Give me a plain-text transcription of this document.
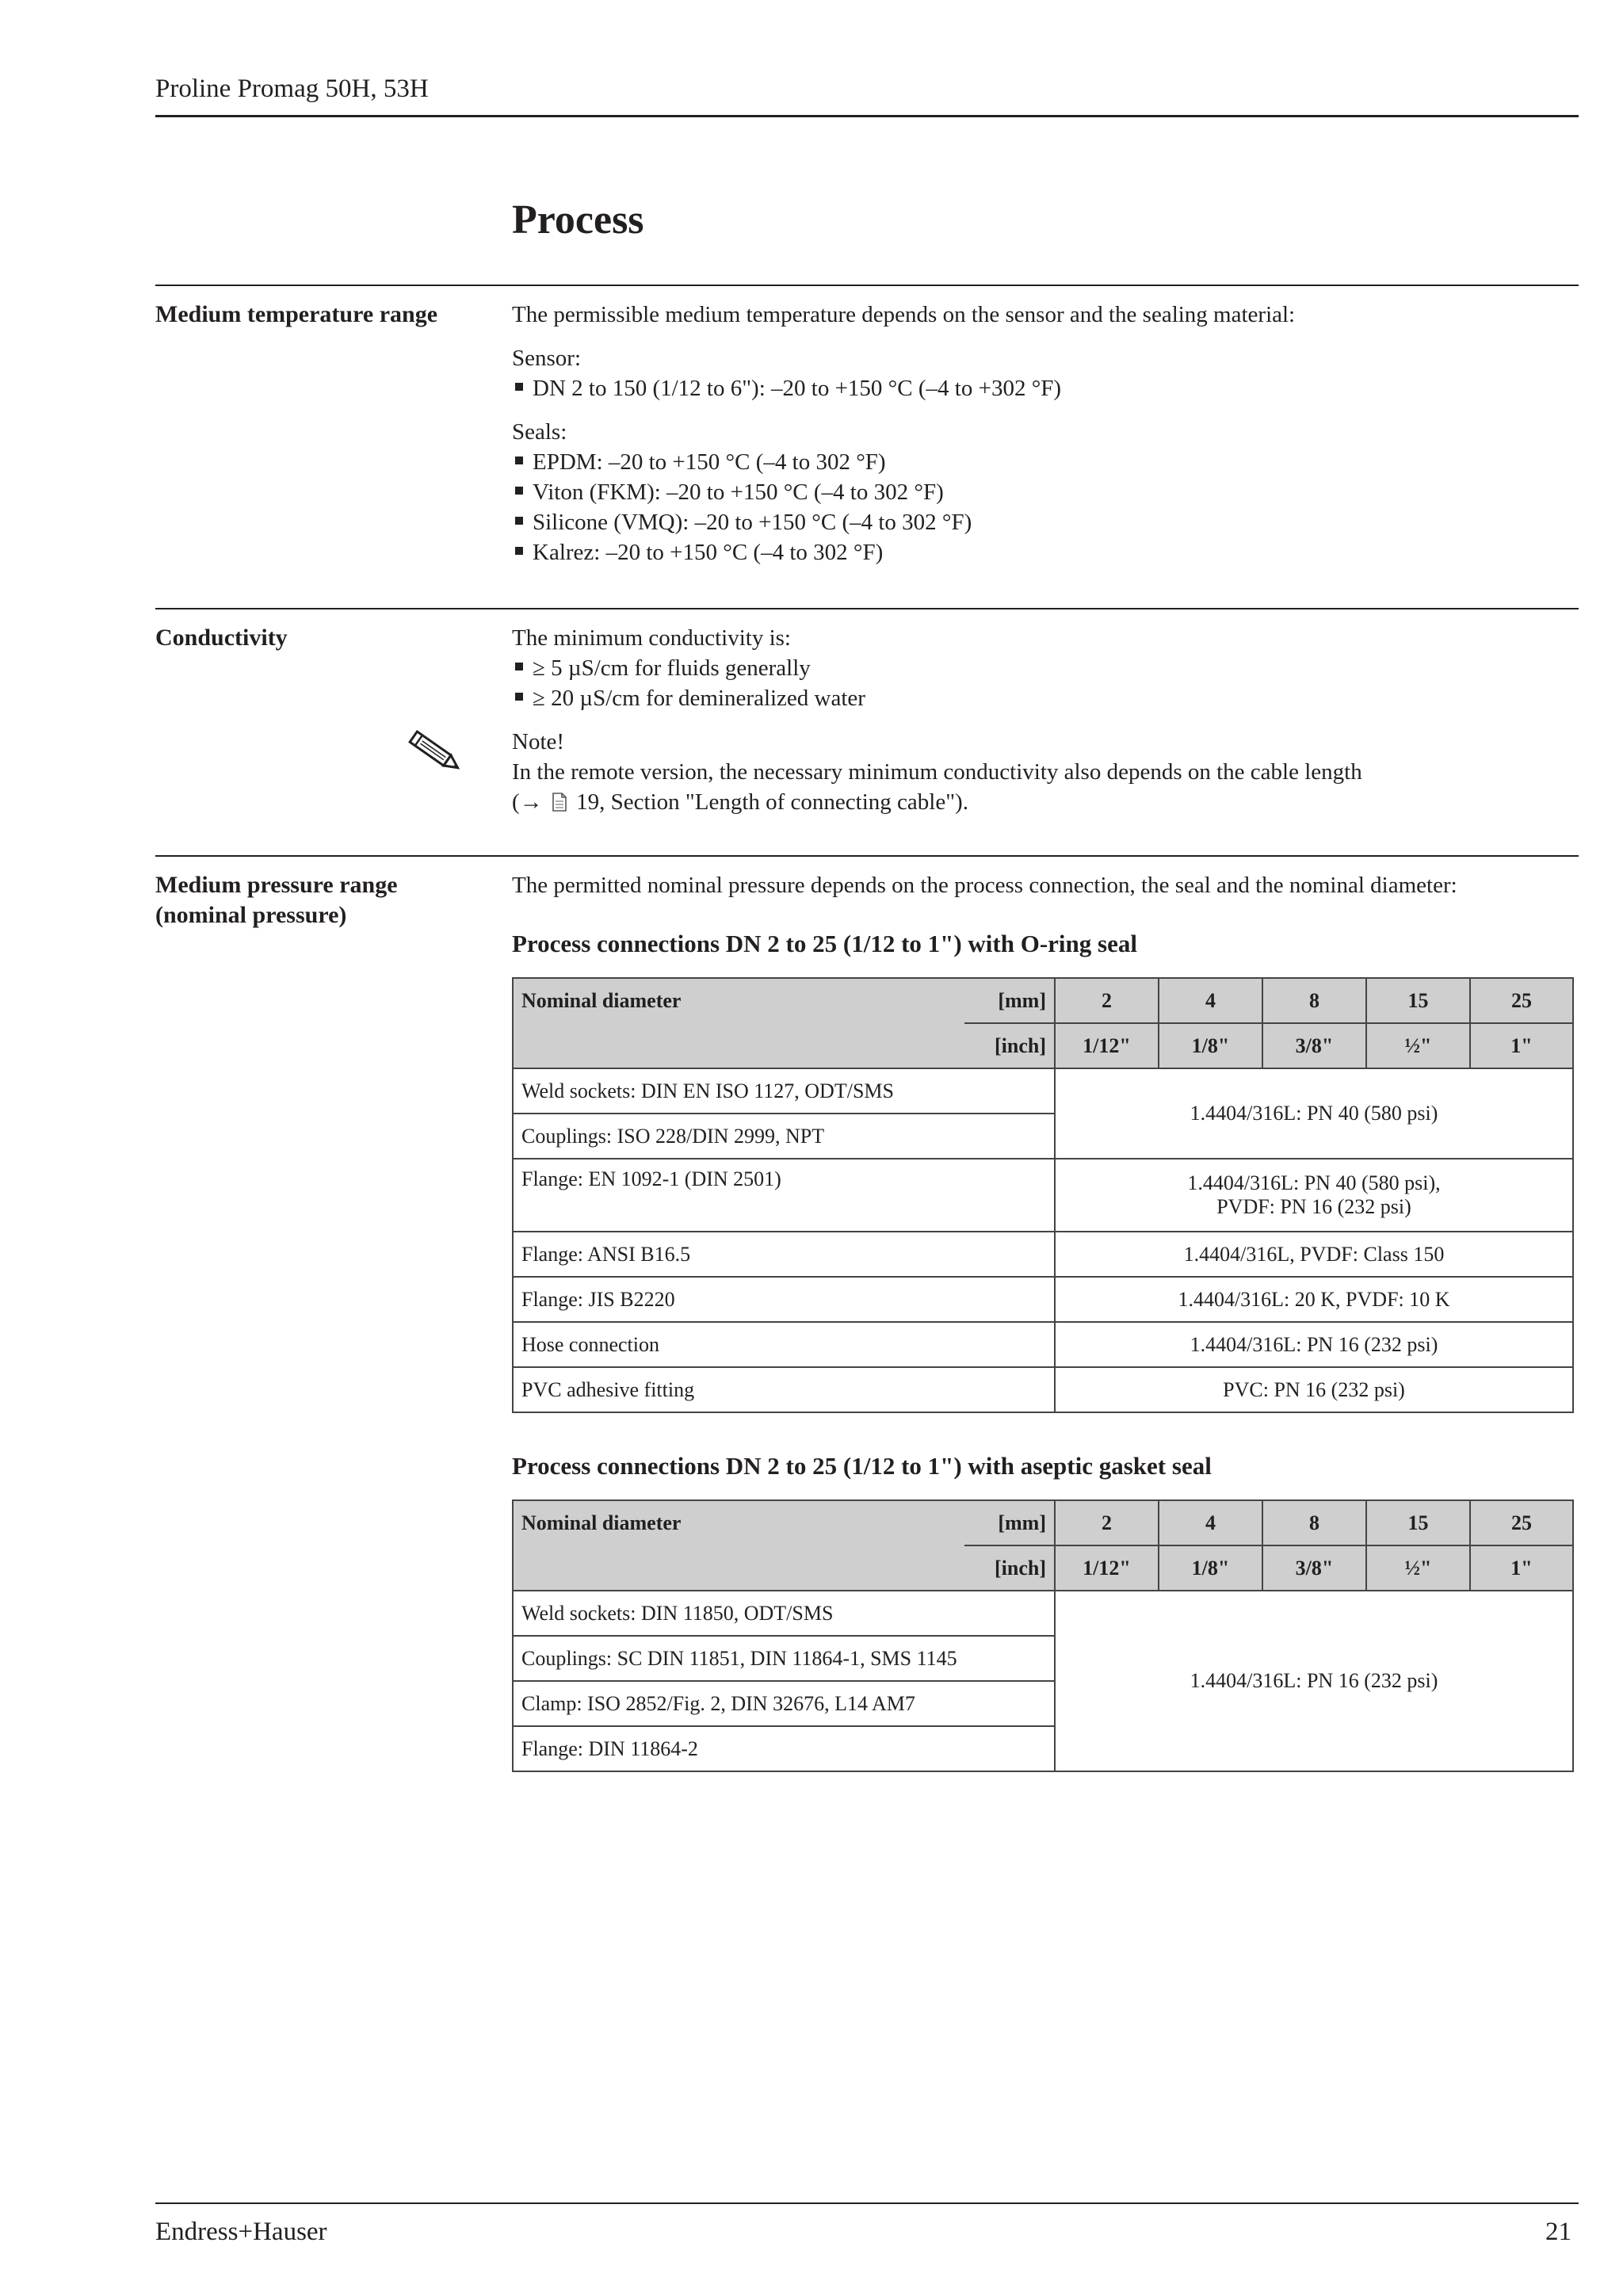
Proline Promag 50H, 53H
Process
Medium temperature range	The permissible medium temperature depends on the sensor and the sealing material:
Sensor:
DN 2 to 150 (1/12 to 6"): –20 to +150 °C (–4 to +302 °F)
Seals:
EPDM: –20 to +150 °C (–4 to 302 °F)
Viton (FKM): –20 to +150 °C (–4 to 302 °F)
Silicone (VMQ): –20 to +150 °C (–4 to 302 °F)
Kalrez: –20 to +150 °C (–4 to 302 °F)
Conductivity	The minimum conductivity is:
≥ 5 µS/cm for fluids generally
≥ 20 µS/cm for demineralized water
Note!
In the remote version, the necessary minimum conductivity also depends on the cable length
(→ 19, Section "Length of connecting cable").
Medium pressure range
(nominal pressure)
The permitted nominal pressure depends on the process connection, the seal and the nominal diameter:
Process connections DN 2 to 25 (1/12 to 1") with O-ring seal
Nominal diameter	[mm]	2	4	8	15	25
	[inch]	1/12"	1/8"	3/8"	½"	1"
Weld sockets: DIN EN ISO 1127, ODT/SMS		1.4404/316L: PN 40 (580 psi)				
Couplings: ISO 228/DIN 2999, NPT						
Flange: EN 1092-1 (DIN 2501)		1.4404/316L: PN 40 (580 psi),
PVDF: PN 16 (232 psi)				

Flange: ANSI B16.5		1.4404/316L, PVDF: Class 150				
Flange: JIS B2220		1.4404/316L: 20 K, PVDF: 10 K				
Hose connection		1.4404/316L: PN 16 (232 psi)				
PVC adhesive fitting		PVC: PN 16 (232 psi)				
Process connections DN 2 to 25 (1/12 to 1") with aseptic gasket seal
Nominal diameter	[mm]	2	4	8	15	25
	[inch]	1/12"	1/8"	3/8"	½"	1"
Weld sockets: DIN 11850, ODT/SMS		1.4404/316L: PN 16 (232 psi)				
Couplings: SC DIN 11851, DIN 11864-1, SMS 1145						
Clamp: ISO 2852/Fig. 2, DIN 32676, L14 AM7						
Flange: DIN 11864-2						
Endress+Hauser	21
